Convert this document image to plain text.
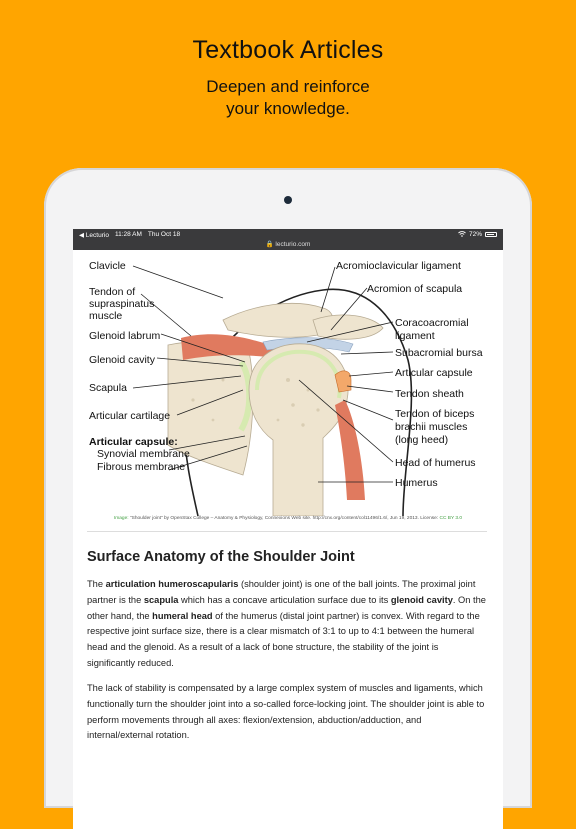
Textbook Articles
Deepen and reinforce
your knowledge.
◀ Lecturio 11:28 AM Thu Oct 18	72%
🔒 lecturio.com
Clavicle
Tendon of
supraspinatus
muscle
Glenoid labrum
Glenoid cavity
Scapula
Articular cartilage
Articular capsule:
Synovial membrane
Fibrous membrane
Acromioclavicular ligament
Acromion of scapula
Coracoacromial
ligament
Subacromial bursa
Articular capsule
Tendon sheath
Tendon of biceps
brachii muscles
(long heed)
Head of humerus
Humerus
Image: "Shoulder joint" by OpenStax College – Anatomy & Physiology, Connexions Web site. http://cnx.org/content/col11496/1.6/, Jun 19, 2013. License: CC BY 3.0
Surface Anatomy of the Shoulder Joint
The articulation humeroscapularis (shoulder joint) is one of the ball joints. The proximal joint partner is the scapula which has a concave articulation surface due to its glenoid cavity. On the other hand, the humeral head of the humerus (distal joint partner) is convex. With regard to the respective joint surface size, there is a clear mismatch of 3:1 to up to 4:1 between the humeral head and the glenoid. As a result of a lack of bone structure, the stability of the joint is significantly reduced.
The lack of stability is compensated by a large complex system of muscles and ligaments, which functionally turn the shoulder joint into a so-called force-locking joint. The shoulder joint is able to perform movements through all axes: flexion/extension, abduction/adduction, and internal/external rotation.
